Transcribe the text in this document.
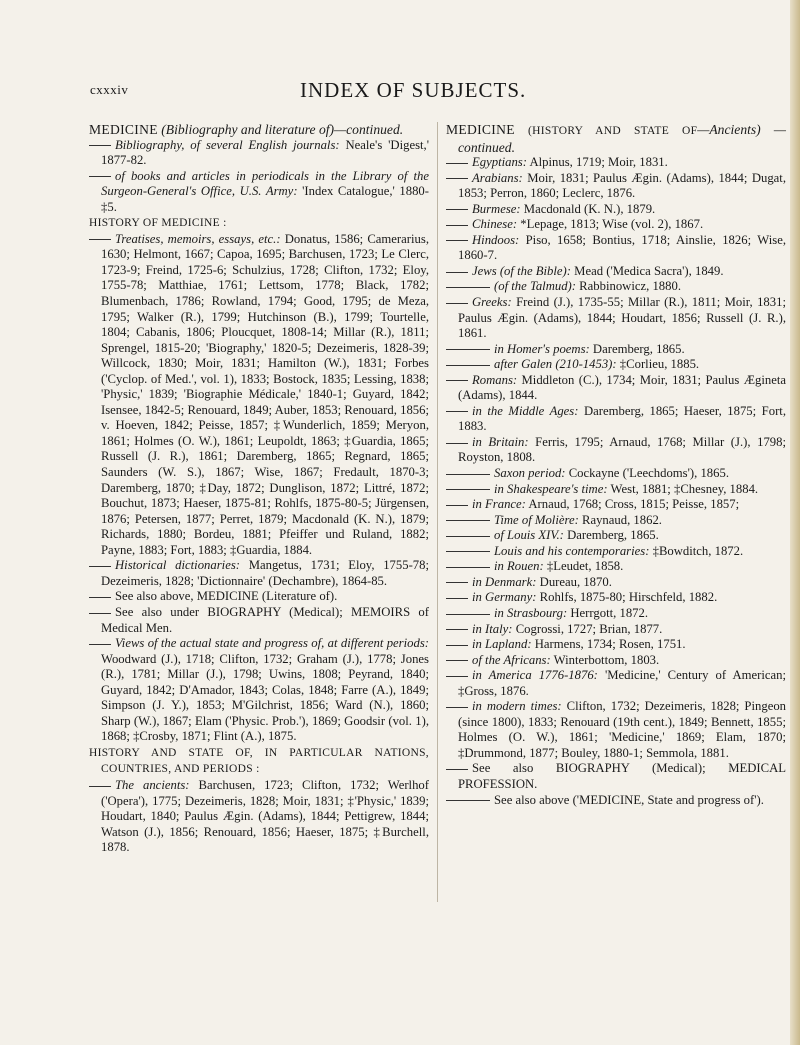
cxxxiv	INDEX OF SUBJECTS.

MEDICINE (Bibliography and literature of)—continued.

Bibliography, of several English journals: Neale's 'Digest,' 1877-82.

of books and articles in periodicals in the Library of the Surgeon-General's Office, U.S. Army: 'Index Catalogue,' 1880-‡5.

HISTORY OF MEDICINE :

Treatises, memoirs, essays, etc.: Donatus, 1586; Camerarius, 1630; Helmont, 1667; Capoa, 1695; Barchusen, 1723; Le Clerc, 1723-9; Freind, 1725-6; Schulzius, 1728; Clifton, 1732; Eloy, 1755-78; Matthiae, 1761; Lettsom, 1778; Black, 1782; Blumenbach, 1786; Rowland, 1794; Good, 1795; de Meza, 1795; Walker (R.), 1799; Hutchinson (B.), 1799; Tourtelle, 1804; Cabanis, 1806; Ploucquet, 1808-14; Millar (R.), 1811; Sprengel, 1815-20; 'Biography,' 1820-5; Dezeimeris, 1828-39; Willcock, 1830; Moir, 1831; Hamilton (W.), 1831; Forbes ('Cyclop. of Med.', vol. 1), 1833; Bostock, 1835; Lessing, 1838; 'Physic,' 1839; 'Biographie Médicale,' 1840-1; Guyard, 1842; Isensee, 1842-5; Renouard, 1849; Auber, 1853; Renouard, 1856; v. Hoeven, 1842; Peisse, 1857; ‡Wunderlich, 1859; Meryon, 1861; Holmes (O. W.), 1861; Leupoldt, 1863; ‡Guardia, 1865; Russell (J. R.), 1861; Daremberg, 1865; Regnard, 1865; Saunders (W. S.), 1867; Wise, 1867; Fredault, 1870-3; Daremberg, 1870; ‡Day, 1872; Dunglison, 1872; Littré, 1872; Bouchut, 1873; Haeser, 1875-81; Rohlfs, 1875-80-5; Jürgensen, 1876; Petersen, 1877; Perret, 1879; Macdonald (K. N.), 1879; Richards, 1880; Bordeu, 1881; Pfeiffer und Ruland, 1882; Payne, 1883; Fort, 1883; ‡Guardia, 1884.

Historical dictionaries: Mangetus, 1731; Eloy, 1755-78; Dezeimeris, 1828; 'Dictionnaire' (Dechambre), 1864-85.

See also above, MEDICINE (Literature of).

See also under BIOGRAPHY (Medical); MEMOIRS of Medical Men.

Views of the actual state and progress of, at different periods: Woodward (J.), 1718; Clifton, 1732; Graham (J.), 1778; Jones (R.), 1781; Millar (J.), 1798; Uwins, 1808; Peyrand, 1840; Guyard, 1842; D'Amador, 1843; Colas, 1848; Farre (A.), 1849; Simpson (J. Y.), 1853; M'Gilchrist, 1856; Ward (N.), 1860; Sharp (W.), 1867; Elam ('Physic. Prob.'), 1869; Goodsir (vol. 1), 1868; ‡Crosby, 1871; Flint (A.), 1875.

HISTORY AND STATE OF, IN PARTICULAR NATIONS, COUNTRIES, AND PERIODS :

The ancients: Barchusen, 1723; Clifton, 1732; Werlhof ('Opera'), 1775; Dezeimeris, 1828; Moir, 1831; ‡'Physic,' 1839; Houdart, 1840; Paulus Ægin. (Adams), 1844; Pettigrew, 1844; Watson (J.), 1856; Renouard, 1856; Haeser, 1875; ‡Burchell, 1878.

MEDICINE (HISTORY AND STATE OF—Ancients) — continued.

Egyptians: Alpinus, 1719; Moir, 1831.

Arabians: Moir, 1831; Paulus Ægin. (Adams), 1844; Dugat, 1853; Perron, 1860; Leclerc, 1876.

Burmese: Macdonald (K. N.), 1879.

Chinese: *Lepage, 1813; Wise (vol. 2), 1867.

Hindoos: Piso, 1658; Bontius, 1718; Ainslie, 1826; Wise, 1860-7.

Jews (of the Bible): Mead ('Medica Sacra'), 1849.

(of the Talmud): Rabbinowicz, 1880.

Greeks: Freind (J.), 1735-55; Millar (R.), 1811; Moir, 1831; Paulus Ægin. (Adams), 1844; Houdart, 1856; Russell (J. R.), 1861.

in Homer's poems: Daremberg, 1865.

after Galen (210-1453): ‡Corlieu, 1885.

Romans: Middleton (C.), 1734; Moir, 1831; Paulus Ægineta (Adams), 1844.

in the Middle Ages: Daremberg, 1865; Haeser, 1875; Fort, 1883.

in Britain: Ferris, 1795; Arnaud, 1768; Millar (J.), 1798; Royston, 1808.

Saxon period: Cockayne ('Leechdoms'), 1865.

in Shakespeare's time: West, 1881; ‡Chesney, 1884.

in France: Arnaud, 1768; Cross, 1815; Peisse, 1857;

Time of Molière: Raynaud, 1862.

of Louis XIV.: Daremberg, 1865.

Louis and his contemporaries: ‡Bowditch, 1872.

in Rouen: ‡Leudet, 1858.

in Denmark: Dureau, 1870.

in Germany: Rohlfs, 1875-80; Hirschfeld, 1882.

in Strasbourg: Herrgott, 1872.

in Italy: Cogrossi, 1727; Brian, 1877.

in Lapland: Harmens, 1734; Rosen, 1751.

of the Africans: Winterbottom, 1803.

in America 1776-1876: 'Medicine,' Century of American; ‡Gross, 1876.

in modern times: Clifton, 1732; Dezeimeris, 1828; Pingeon (since 1800), 1833; Renouard (19th cent.), 1849; Bennett, 1855; Holmes (O. W.), 1861; 'Medicine,' 1869; Elam, 1870; ‡Drummond, 1877; Bouley, 1880-1; Semmola, 1881.

See also BIOGRAPHY (Medical); MEDICAL PROFESSION.

See also above ('MEDICINE, State and progress of').
